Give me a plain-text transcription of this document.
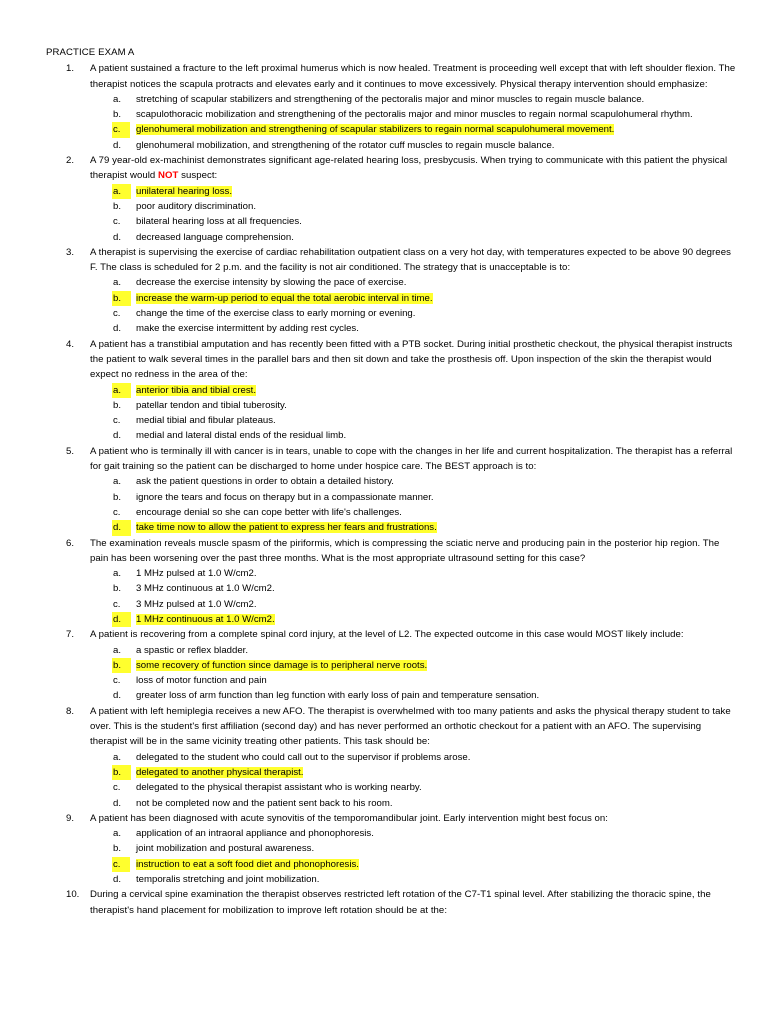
PRACTICE EXAM A
1. A patient sustained a fracture to the left proximal humerus which is now healed. Treatment is proceeding well except that with left shoulder flexion. The therapist notices the scapula protracts and elevates early and it continues to move excessively. Physical therapy intervention should emphasize:
a. stretching of scapular stabilizers and strengthening of the pectoralis major and minor muscles to regain muscle balance.
b. scapulothoracic mobilization and strengthening of the pectoralis major and minor muscles to regain normal scapulohumeral rhythm.
c.	glenohumeral mobilization and strengthening of scapular stabilizers to regain normal scapulohumeral movement.
d. glenohumeral mobilization, and strengthening of the rotator cuff muscles to regain muscle balance.
2. A 79 year-old ex-machinist demonstrates significant age-related hearing loss, presbycusis. When trying to communicate with this patient the physical therapist would NOT suspect:
a.	unilateral hearing loss.
b. poor auditory discrimination.
c. bilateral hearing loss at all frequencies.
d. decreased language comprehension.
3. A therapist is supervising the exercise of cardiac rehabilitation outpatient class on a very hot day, with temperatures expected to be above 90 degrees F. The class is scheduled for 2 p.m. and the facility is not air conditioned. The strategy that is unacceptable is to:
a. decrease the exercise intensity by slowing the pace of exercise.
b.	increase the warm-up period to equal the total aerobic interval in time.
c. change the time of the exercise class to early morning or evening.
d. make the exercise intermittent by adding rest cycles.
4. A patient has a transtibial amputation and has recently been fitted with a PTB socket. During initial prosthetic checkout, the physical therapist instructs the patient to walk several times in the parallel bars and then sit down and take the prosthesis off. Upon inspection of the skin the therapist would expect no redness in the area of the:
a.	anterior tibia and tibial crest.
b. patellar tendon and tibial tuberosity.
c. medial tibial and fibular plateaus.
d. medial and lateral distal ends of the residual limb.
5. A patient who is terminally ill with cancer is in tears, unable to cope with the changes in her life and current hospitalization. The therapist has a referral for gait training so the patient can be discharged to home under hospice care. The BEST approach is to:
a. ask the patient questions in order to obtain a detailed history.
b. ignore the tears and focus on therapy but in a compassionate manner.
c. encourage denial so she can cope better with life's challenges.
d.	take time now to allow the patient to express her fears and frustrations.
6. The examination reveals muscle spasm of the piriformis, which is compressing the sciatic nerve and producing pain in the posterior hip region. The pain has been worsening over the past three months. What is the most appropriate ultrasound setting for this case?
a. 1 MHz pulsed at 1.0 W/cm2.
b. 3 MHz continuous at 1.0 W/cm2.
c. 3 MHz pulsed at 1.0 W/cm2.
d.	1 MHz continuous at 1.0 W/cm2.
7. A patient is recovering from a complete spinal cord injury, at the level of L2. The expected outcome in this case would MOST likely include:
a. a spastic or reflex bladder.
b.	some recovery of function since damage is to peripheral nerve roots.
c. loss of motor function and pain
d. greater loss of arm function than leg function with early loss of pain and temperature sensation.
8. A patient with left hemiplegia receives a new AFO. The therapist is overwhelmed with too many patients and asks the physical therapy student to take over. This is the student's first affiliation (second day) and has never performed an orthotic checkout for a patient with an AFO. The supervising therapist will be in the same vicinity treating other patients. This task should be:
a. delegated to the student who could call out to the supervisor if problems arose.
b.	delegated to another physical therapist.
c. delegated to the physical therapist assistant who is working nearby.
d. not be completed now and the patient sent back to his room.
9. A patient has been diagnosed with acute synovitis of the temporomandibular joint. Early intervention might best focus on:
a. application of an intraoral appliance and phonophoresis.
b. joint mobilization and postural awareness.
c.	instruction to eat a soft food diet and phonophoresis.
d. temporalis stretching and joint mobilization.
10. During a cervical spine examination the therapist observes restricted left rotation of the C7-T1 spinal level. After stabilizing the thoracic spine, the therapist's hand placement for mobilization to improve left rotation should be at the:
